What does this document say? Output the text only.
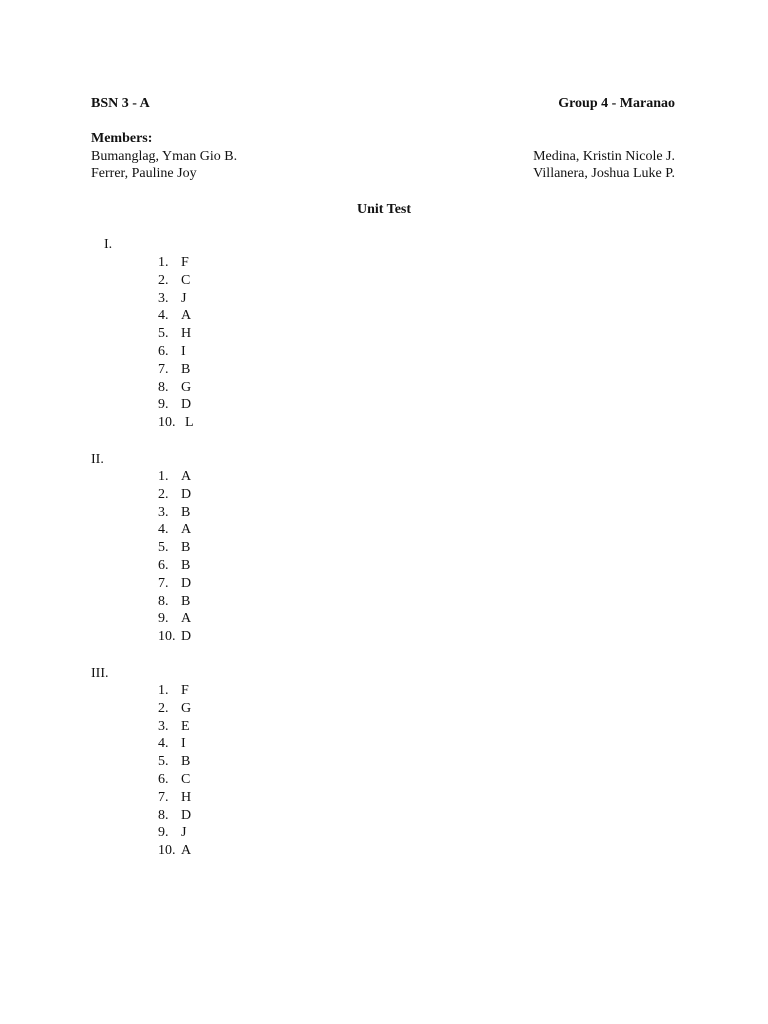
BSN 3 - A	Group 4 - Maranao
Members:
Bumanglag, Yman Gio B.
Ferrer, Pauline Joy
Medina, Kristin Nicole J.
Villanera, Joshua Luke P.
Unit Test
I.
1. F
2. C
3. J
4. A
5. H
6. I
7. B
8. G
9. D
10. L
II.
1. A
2. D
3. B
4. A
5. B
6. B
7. D
8. B
9. A
10. D
III.
1. F
2. G
3. E
4. I
5. B
6. C
7. H
8. D
9. J
10. A
